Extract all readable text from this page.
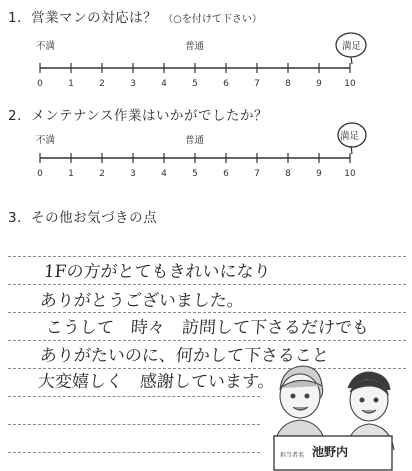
1．営業マンの対応は？ （○を付けて下さい）
不満	普通	満足
0	1	2	3	4	5	6	7	8	9 10
2．メンテナンス作業はいかがでしたか？
不満	普通	満足
0	1	2	3	4	5	6	7	8	9 10
3．その他お気づきの点
1Fの方がとてもきれいになり
ありがとうございました。
こうして　時々　訪問して下さるだけでも
ありがたいのに、何かして下さること
大変嬉しく　感謝しています。
担当者名 池野内
